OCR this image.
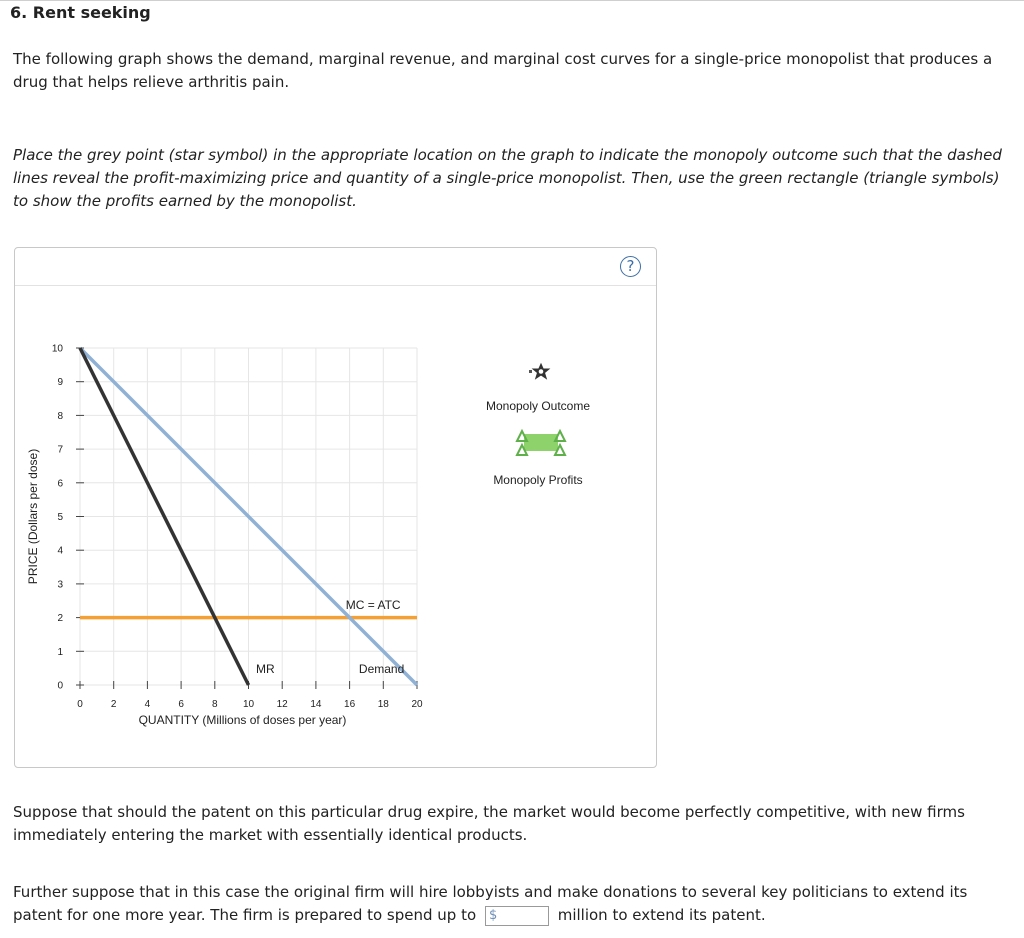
6. Rent seeking
The following graph shows the demand, marginal revenue, and marginal cost curves for a single-price monopolist that produces a drug that helps relieve arthritis pain.
Place the grey point (star symbol) in the appropriate location on the graph to indicate the monopoly outcome such that the dashed lines reveal the profit-maximizing price and quantity of a single-price monopolist. Then, use the green rectangle (triangle symbols) to show the profits earned by the monopolist.
?
0	2	4	6	8	10 12 14 16 18 20
0
1
2
3
4
5
6
7
8
9
10
QUANTITY (Millions of doses per year)
PRICE (Dollars per dose)
Demand
MR
MC = ATC
Monopoly Outcome
Monopoly Profits
Suppose that should the patent on this particular drug expire, the market would become perfectly competitive, with new firms immediately entering the market with essentially identical products.
Further suppose that in this case the original firm will hire lobbyists and make donations to several key politicians to extend its patent for one more year. The firm is prepared to spend up to $	million to extend its patent.
